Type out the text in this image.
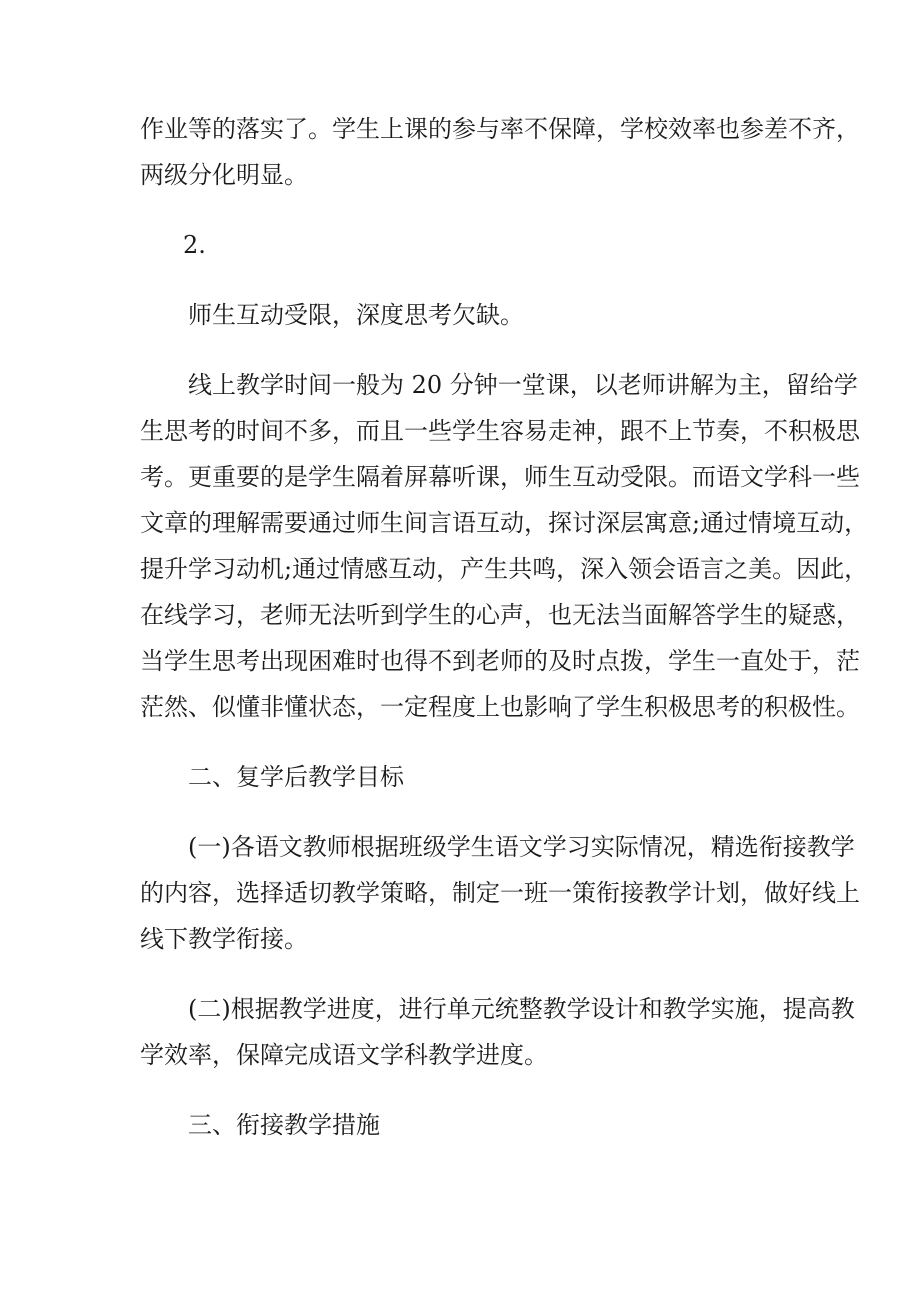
作业等的落实了。学生上课的参与率不保障，学校效率也参差不齐，
两级分化明显。
2.
师生互动受限，深度思考欠缺。
线上教学时间一般为 20 分钟一堂课，以老师讲解为主，留给学
生思考的时间不多，而且一些学生容易走神，跟不上节奏，不积极思
考。更重要的是学生隔着屏幕听课，师生互动受限。而语文学科一些
文章的理解需要通过师生间言语互动，探讨深层寓意;通过情境互动，
提升学习动机;通过情感互动，产生共鸣，深入领会语言之美。因此，
在线学习，老师无法听到学生的心声，也无法当面解答学生的疑惑，
当学生思考出现困难时也得不到老师的及时点拨，学生一直处于，茫
茫然、似懂非懂状态，一定程度上也影响了学生积极思考的积极性。
二、复学后教学目标
(一)各语文教师根据班级学生语文学习实际情况，精选衔接教学
的内容，选择适切教学策略，制定一班一策衔接教学计划，做好线上
线下教学衔接。
(二)根据教学进度，进行单元统整教学设计和教学实施，提高教
学效率，保障完成语文学科教学进度。
三、衔接教学措施
